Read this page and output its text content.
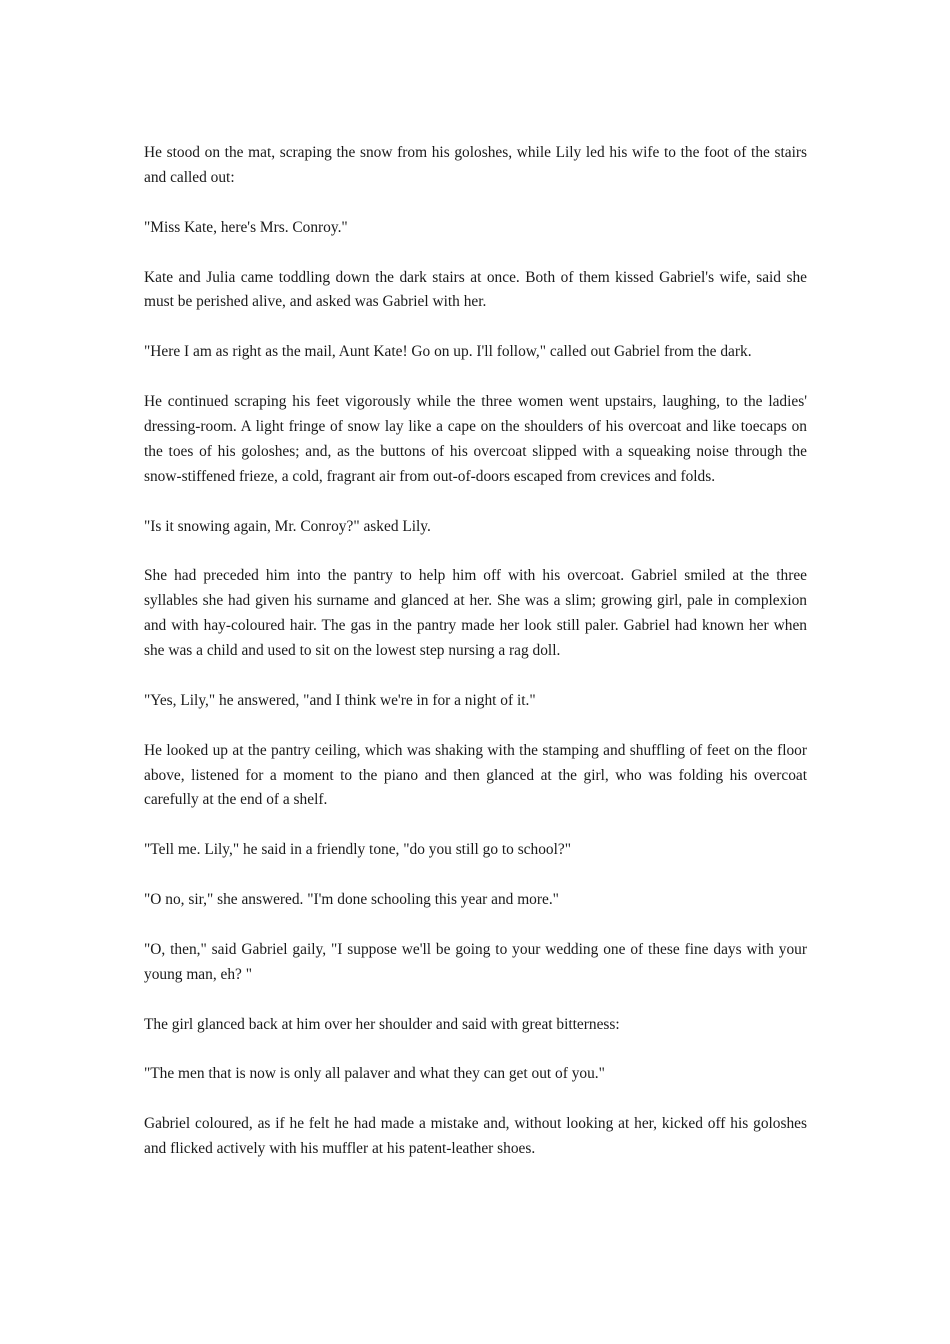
He stood on the mat, scraping the snow from his goloshes, while Lily led his wife to the foot of the stairs and called out:

"Miss Kate, here's Mrs. Conroy."

Kate and Julia came toddling down the dark stairs at once. Both of them kissed Gabriel's wife, said she must be perished alive, and asked was Gabriel with her.

"Here I am as right as the mail, Aunt Kate! Go on up. I'll follow," called out Gabriel from the dark.

He continued scraping his feet vigorously while the three women went upstairs, laughing, to the ladies' dressing-room. A light fringe of snow lay like a cape on the shoulders of his overcoat and like toecaps on the toes of his goloshes; and, as the buttons of his overcoat slipped with a squeaking noise through the snow-stiffened frieze, a cold, fragrant air from out-of-doors escaped from crevices and folds.

"Is it snowing again, Mr. Conroy?" asked Lily.

She had preceded him into the pantry to help him off with his overcoat. Gabriel smiled at the three syllables she had given his surname and glanced at her. She was a slim; growing girl, pale in complexion and with hay-coloured hair. The gas in the pantry made her look still paler. Gabriel had known her when she was a child and used to sit on the lowest step nursing a rag doll.

"Yes, Lily," he answered, "and I think we're in for a night of it."

He looked up at the pantry ceiling, which was shaking with the stamping and shuffling of feet on the floor above, listened for a moment to the piano and then glanced at the girl, who was folding his overcoat carefully at the end of a shelf.

"Tell me. Lily," he said in a friendly tone, "do you still go to school?"

"O no, sir," she answered. "I'm done schooling this year and more."

"O, then," said Gabriel gaily, "I suppose we'll be going to your wedding one of these fine days with your young man, eh? "

The girl glanced back at him over her shoulder and said with great bitterness:

"The men that is now is only all palaver and what they can get out of you."

Gabriel coloured, as if he felt he had made a mistake and, without looking at her, kicked off his goloshes and flicked actively with his muffler at his patent-leather shoes.
